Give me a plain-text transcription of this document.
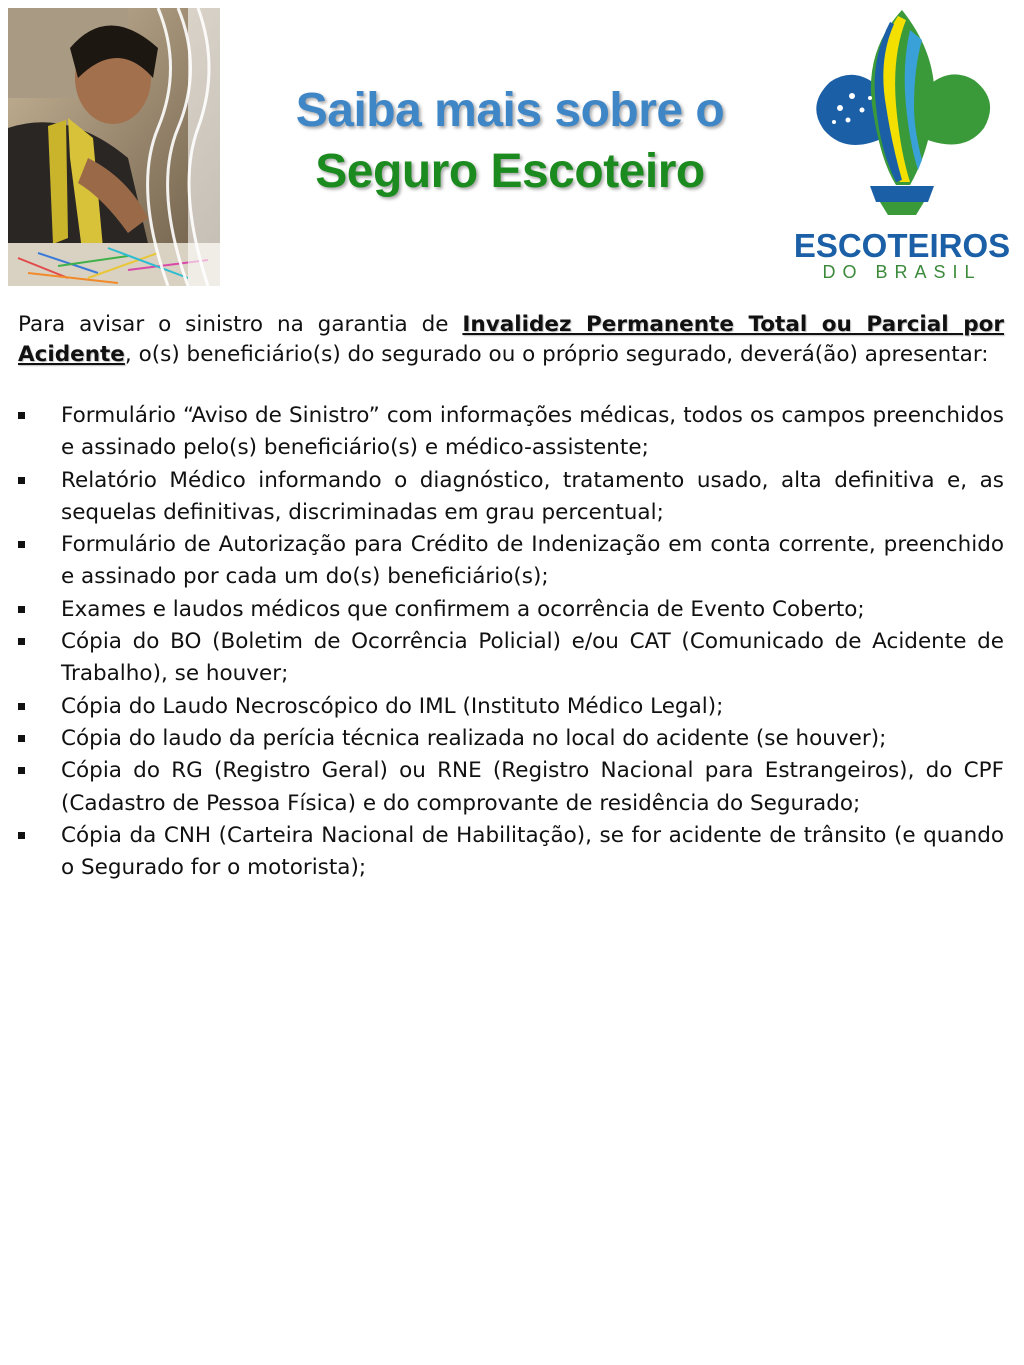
Saiba mais sobre o
Seguro Escoteiro
ESCOTEIROS
DO BRASIL

Para avisar o sinistro na garantia de Invalidez Permanente Total ou Parcial por Acidente, o(s) beneficiário(s) do segurado ou o próprio segurado, deverá(ão) apresentar:

Formulário “Aviso de Sinistro” com informações médicas, todos os campos preenchidos e assinado pelo(s) beneficiário(s) e médico-assistente;
Relatório Médico informando o diagnóstico, tratamento usado, alta definitiva e, as sequelas definitivas, discriminadas em grau percentual;
Formulário de Autorização para Crédito de Indenização em conta corrente, preenchido e assinado por cada um do(s) beneficiário(s);
Exames e laudos médicos que confirmem a ocorrência de Evento Coberto;
Cópia do BO (Boletim de Ocorrência Policial) e/ou CAT (Comunicado de Acidente de Trabalho), se houver;
Cópia do Laudo Necroscópico do IML (Instituto Médico Legal);
Cópia do laudo da perícia técnica realizada no local do acidente (se houver);
Cópia do RG (Registro Geral) ou RNE (Registro Nacional para Estrangeiros), do CPF (Cadastro de Pessoa Física) e do comprovante de residência do Segurado;
Cópia da CNH (Carteira Nacional de Habilitação), se for acidente de trânsito (e quando o Segurado for o motorista);
